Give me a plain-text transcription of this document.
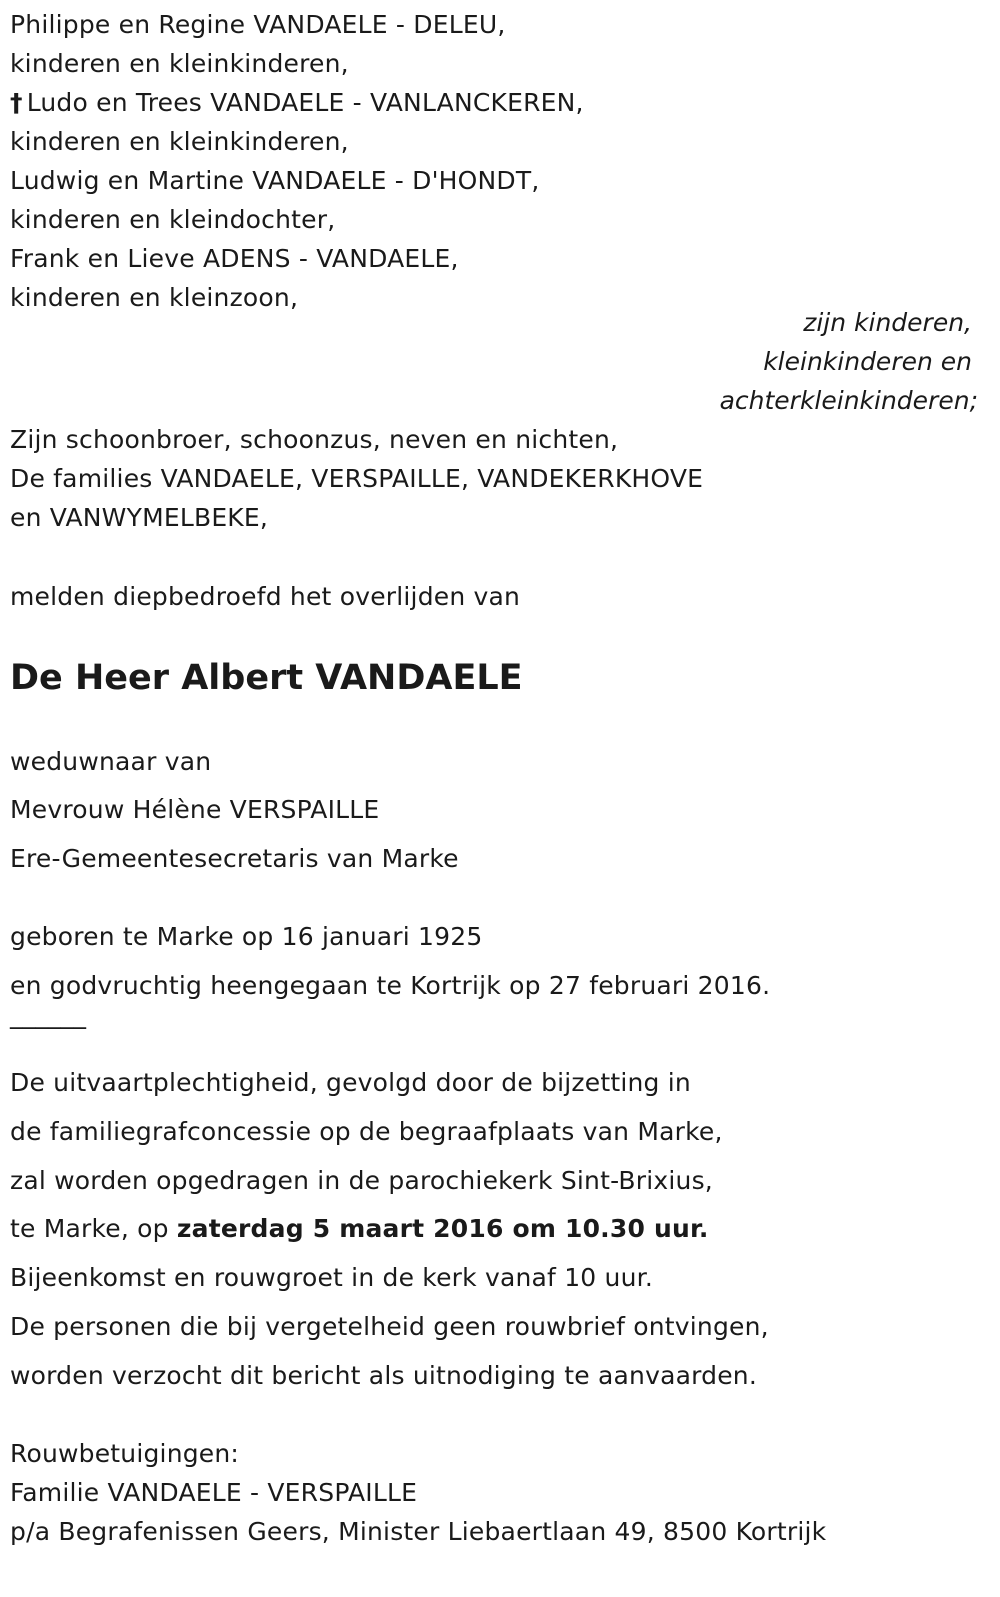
Philippe en Regine VANDAELE - DELEU,
kinderen en kleinkinderen,
† Ludo en Trees VANDAELE - VANLANCKEREN,
kinderen en kleinkinderen,
Ludwig en Martine VANDAELE - D'HONDT,
kinderen en kleindochter,
Frank en Lieve ADENS - VANDAELE,
kinderen en kleinzoon,
zijn kinderen,
kleinkinderen en
achterkleinkinderen;
Zijn schoonbroer, schoonzus, neven en nichten,
De families VANDAELE, VERSPAILLE, VANDEKERKHOVE
en VANWYMELBEKE,
melden diepbedroefd het overlijden van
De Heer Albert VANDAELE
weduwnaar van
Mevrouw Hélène VERSPAILLE
Ere-Gemeentesecretaris van Marke
geboren te Marke op 16 januari 1925
en godvruchtig heengegaan te Kortrijk op 27 februari 2016.
______
De uitvaartplechtigheid, gevolgd door de bijzetting in
de familiegrafconcessie op de begraafplaats van Marke,
zal worden opgedragen in de parochiekerk Sint-Brixius,
te Marke, op zaterdag 5 maart 2016 om 10.30 uur.
Bijeenkomst en rouwgroet in de kerk vanaf 10 uur.
De personen die bij vergetelheid geen rouwbrief ontvingen,
worden verzocht dit bericht als uitnodiging te aanvaarden.
Rouwbetuigingen:
Familie VANDAELE - VERSPAILLE
p/a Begrafenissen Geers, Minister Liebaertlaan 49, 8500 Kortrijk
